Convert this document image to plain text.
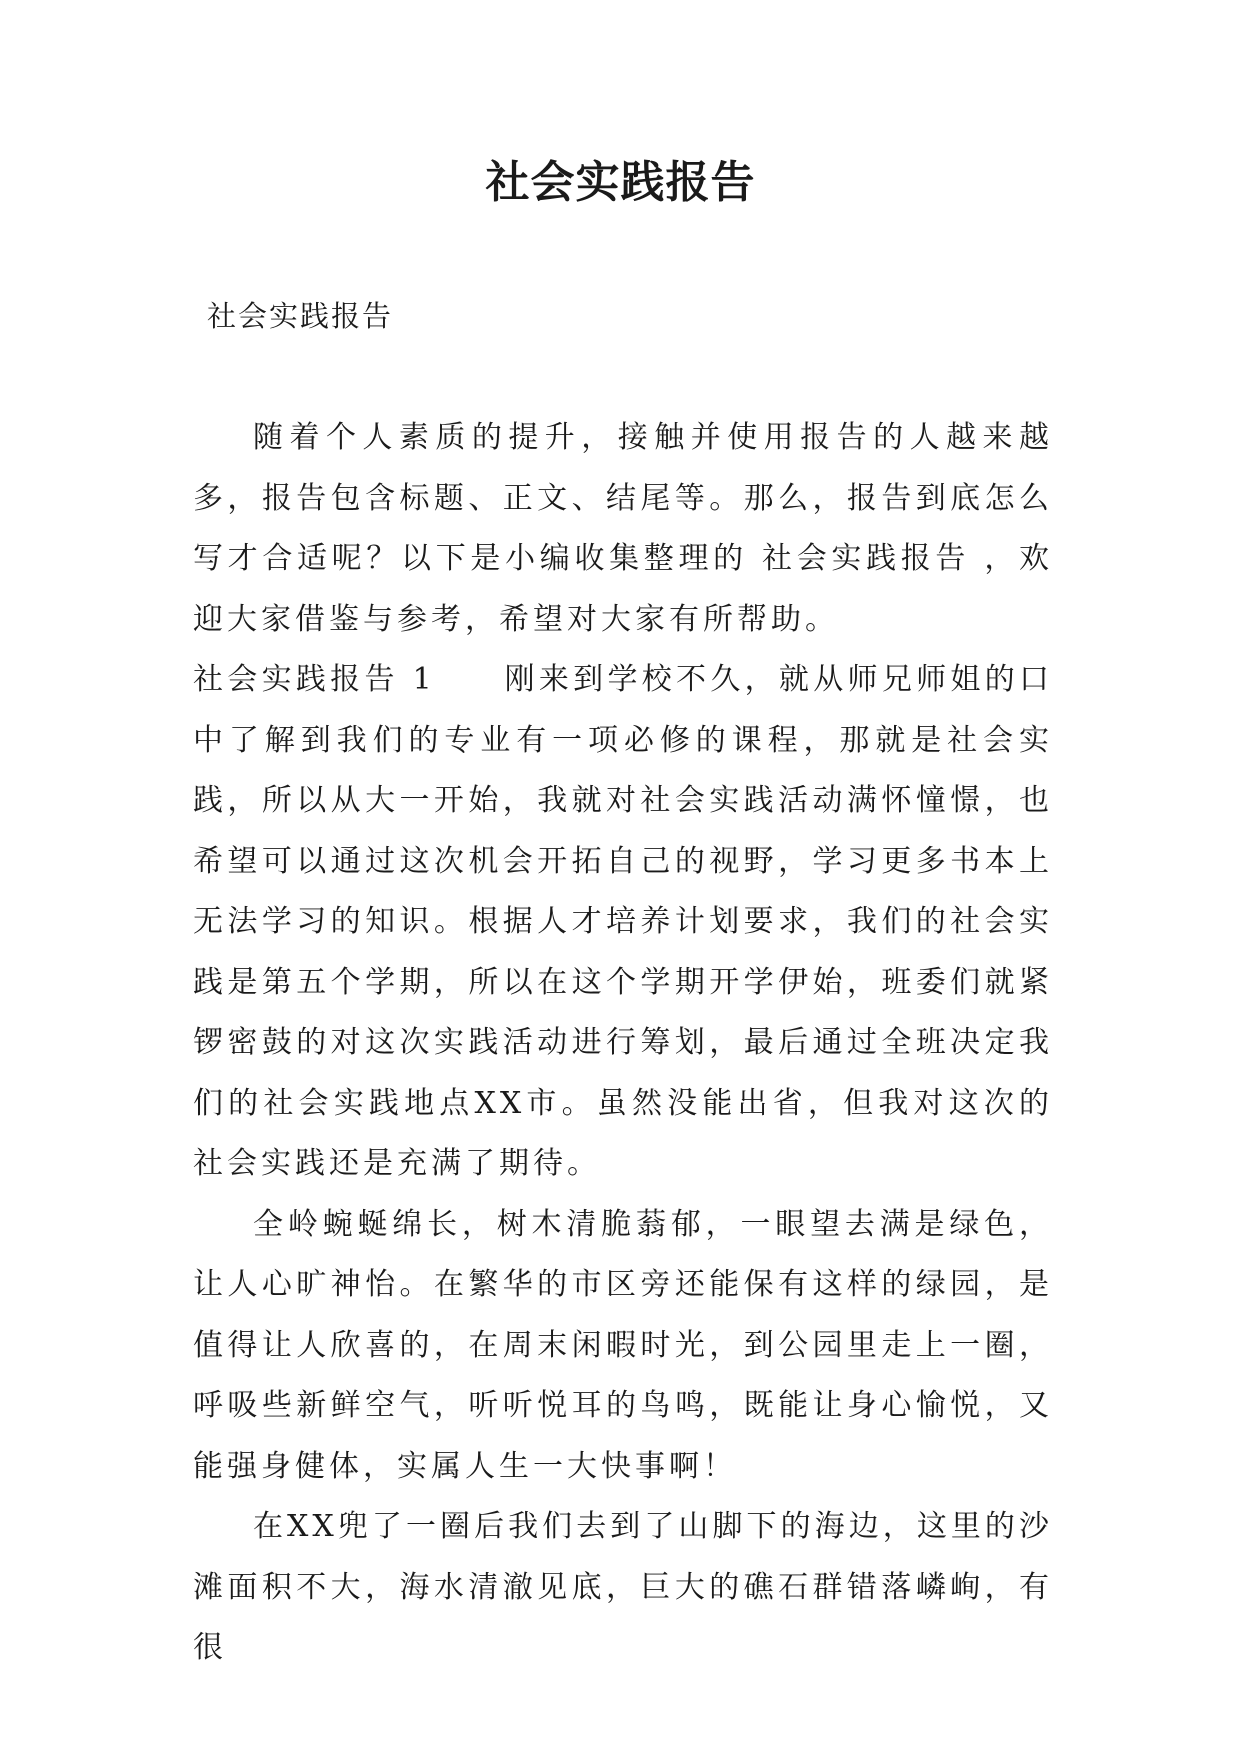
社会实践报告
社会实践报告

随着个人素质的提升，接触并使用报告的人越来越多，报告包含标题、正文、结尾等。那么，报告到底怎么写才合适呢？以下是小编收集整理的 社会实践报告 ，欢迎大家借鉴与参考，希望对大家有所帮助。

社会实践报告 1　　刚来到学校不久，就从师兄师姐的口中了解到我们的专业有一项必修的课程，那就是社会实践，所以从大一开始，我就对社会实践活动满怀憧憬，也希望可以通过这次机会开拓自己的视野，学习更多书本上无法学习的知识。根据人才培养计划要求，我们的社会实践是第五个学期，所以在这个学期开学伊始，班委们就紧锣密鼓的对这次实践活动进行筹划，最后通过全班决定我们的社会实践地点XX市。虽然没能出省，但我对这次的社会实践还是充满了期待。

全岭蜿蜒绵长，树木清脆蓊郁，一眼望去满是绿色，让人心旷神怡。在繁华的市区旁还能保有这样的绿园，是值得让人欣喜的，在周末闲暇时光，到公园里走上一圈，呼吸些新鲜空气，听听悦耳的鸟鸣，既能让身心愉悦，又能强身健体，实属人生一大快事啊！

在XX兜了一圈后我们去到了山脚下的海边，这里的沙滩面积不大，海水清澈见底，巨大的礁石群错落嶙峋，有很
